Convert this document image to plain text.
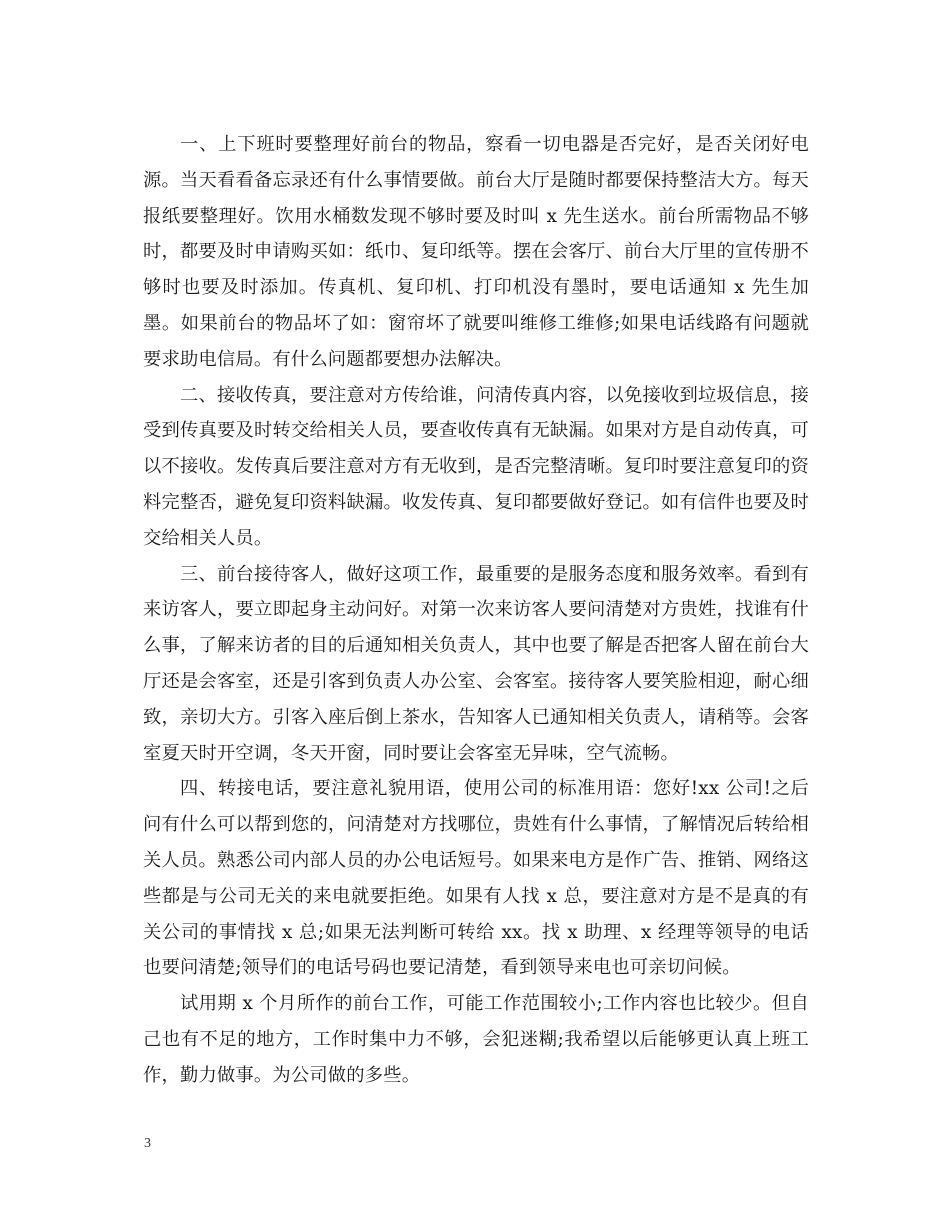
一、上下班时要整理好前台的物品，察看一切电器是否完好，是否关闭好电源。当天看看备忘录还有什么事情要做。前台大厅是随时都要保持整洁大方。每天报纸要整理好。饮用水桶数发现不够时要及时叫 x 先生送水。前台所需物品不够时，都要及时申请购买如：纸巾、复印纸等。摆在会客厅、前台大厅里的宣传册不够时也要及时添加。传真机、复印机、打印机没有墨时，要电话通知 x 先生加墨。如果前台的物品坏了如：窗帘坏了就要叫维修工维修;如果电话线路有问题就要求助电信局。有什么问题都要想办法解决。

二、接收传真，要注意对方传给谁，问清传真内容，以免接收到垃圾信息，接受到传真要及时转交给相关人员，要查收传真有无缺漏。如果对方是自动传真，可以不接收。发传真后要注意对方有无收到，是否完整清晰。复印时要注意复印的资料完整否，避免复印资料缺漏。收发传真、复印都要做好登记。如有信件也要及时交给相关人员。

三、前台接待客人，做好这项工作，最重要的是服务态度和服务效率。看到有来访客人，要立即起身主动问好。对第一次来访客人要问清楚对方贵姓，找谁有什么事，了解来访者的目的后通知相关负责人，其中也要了解是否把客人留在前台大厅还是会客室，还是引客到负责人办公室、会客室。接待客人要笑脸相迎，耐心细致，亲切大方。引客入座后倒上茶水，告知客人已通知相关负责人，请稍等。会客室夏天时开空调，冬天开窗，同时要让会客室无异味，空气流畅。

四、转接电话，要注意礼貌用语，使用公司的标准用语：您好!xx 公司!之后问有什么可以帮到您的，问清楚对方找哪位，贵姓有什么事情，了解情况后转给相关人员。熟悉公司内部人员的办公电话短号。如果来电方是作广告、推销、网络这些都是与公司无关的来电就要拒绝。如果有人找 x 总，要注意对方是不是真的有关公司的事情找 x 总;如果无法判断可转给 xx。找 x 助理、x 经理等领导的电话也要问清楚;领导们的电话号码也要记清楚，看到领导来电也可亲切问候。

试用期 x 个月所作的前台工作，可能工作范围较小;工作内容也比较少。但自己也有不足的地方，工作时集中力不够，会犯迷糊;我希望以后能够更认真上班工作，勤力做事。为公司做的多些。

3
